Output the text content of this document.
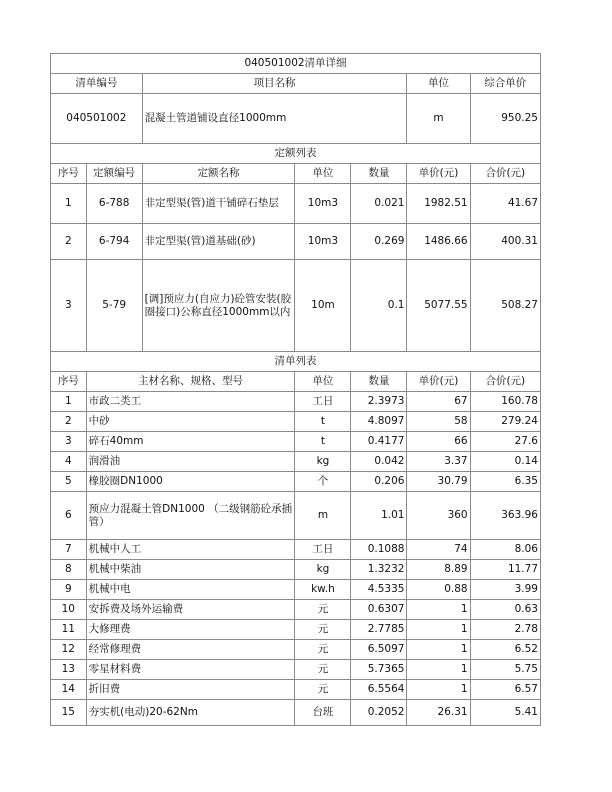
040501002清单详细						
清单编号		项目名称			单位	综合单价
040501002		混凝土管道铺设直径1000mm			m	950.25
定额列表						
序号	定额编号	定额名称	单位	数量	单价(元)	合价(元)
1	6-788	非定型渠(管)道干铺碎石垫层	10m3	0.021	1982.51	41.67
2	6-794	非定型渠(管)道基础(砂)	10m3	0.269	1486.66	400.31
3	5-79	[调]预应力(自应力)砼管安装(胶圈接口)公称直径1000mm以内	10m	0.1	5077.55	508.27
清单列表						
序号	主材名称、规格、型号		单位	数量	单价(元)	合价(元)
1	市政二类工		工日	2.3973	67	160.78
2	中砂		t	4.8097	58	279.24
3	碎石40mm		t	0.4177	66	27.6
4	润滑油		kg	0.042	3.37	0.14
5	橡胶圈DN1000		个	0.206	30.79	6.35
6	预应力混凝土管DN1000 （二级钢筋砼承插管）		m	1.01	360	363.96
7	机械中人工		工日	0.1088	74	8.06
8	机械中柴油		kg	1.3232	8.89	11.77
9	机械中电		kw.h	4.5335	0.88	3.99
10	安拆费及场外运输费		元	0.6307	1	0.63
11	大修理费		元	2.7785	1	2.78
12	经常修理费		元	6.5097	1	6.52
13	零星材料费		元	5.7365	1	5.75
14	折旧费		元	6.5564	1	6.57
15	夯实机(电动)20-62Nm		台班	0.2052	26.31	5.41
